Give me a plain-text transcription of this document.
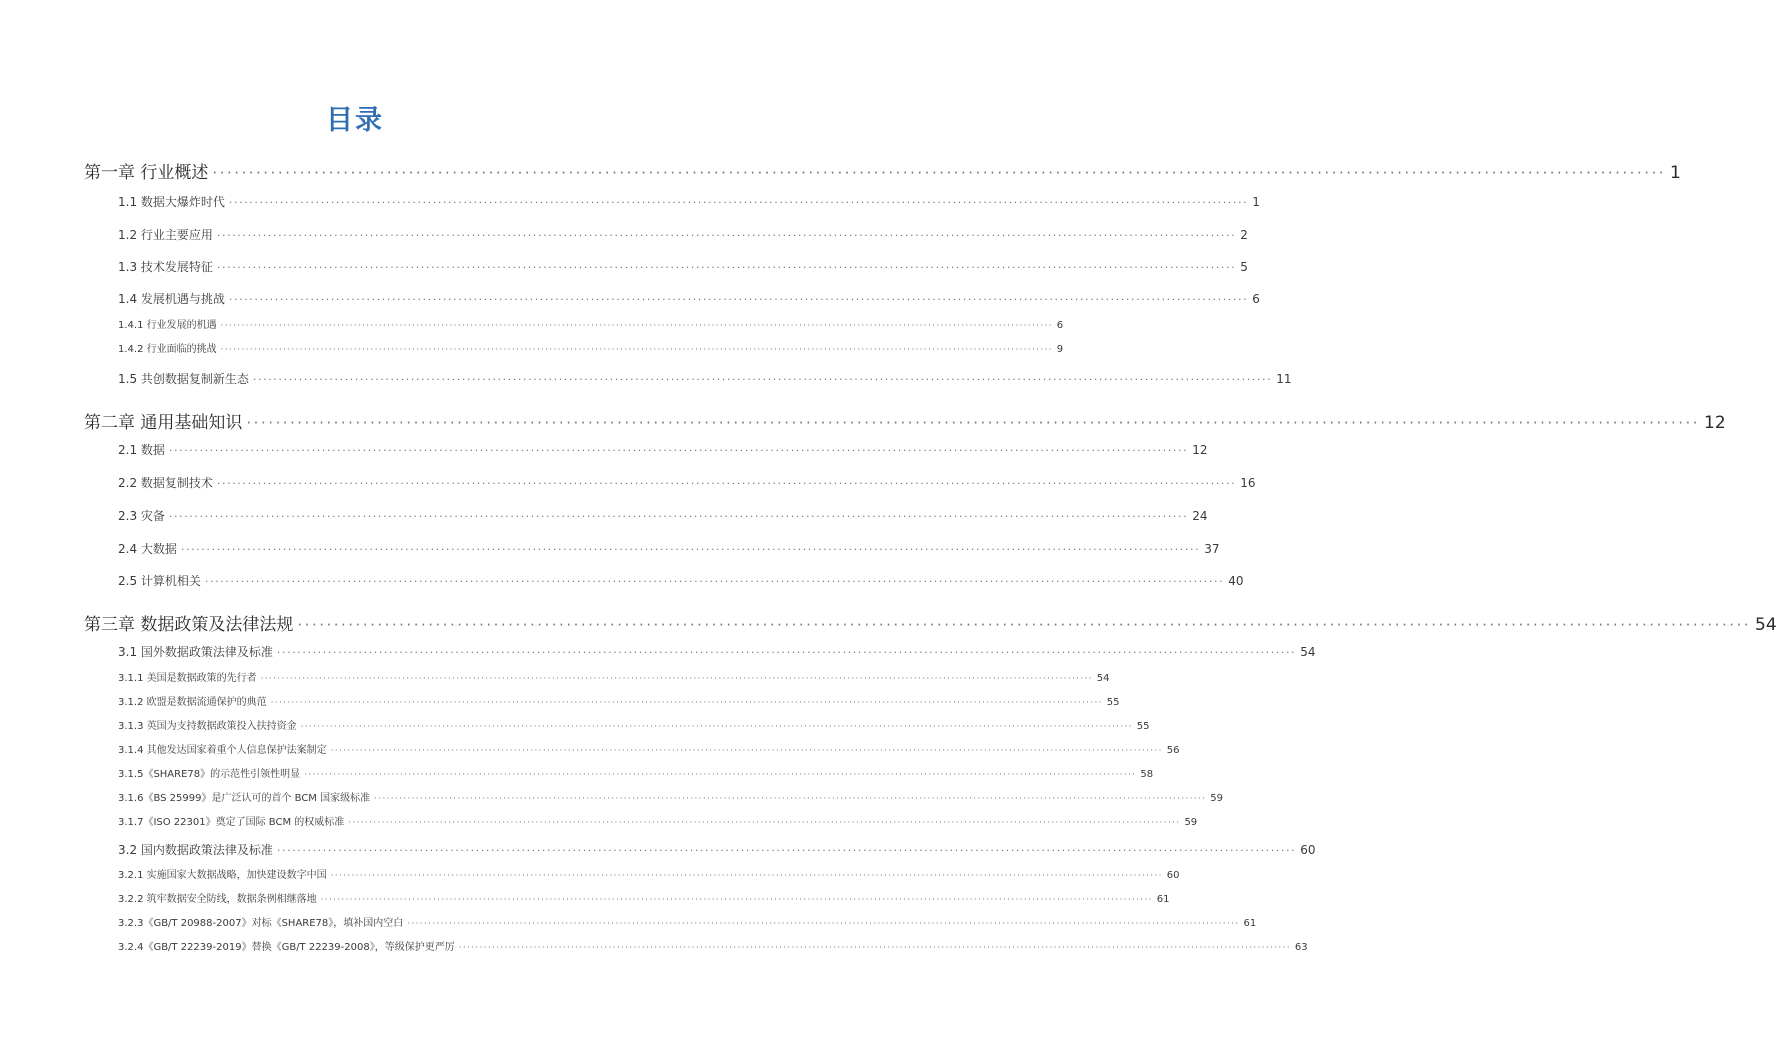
目录
第一章 行业概述 ········································································································································································································ 1
1.1 数据大爆炸时代 ········································································································································································································ 1
1.2 行业主要应用 ········································································································································································································ 2
1.3 技术发展特征 ········································································································································································································ 5
1.4 发展机遇与挑战 ········································································································································································································ 6
1.4.1 行业发展的机遇 ········································································································································································································ 6
1.4.2 行业面临的挑战 ········································································································································································································ 9
1.5 共创数据复制新生态 ········································································································································································································ 11
第二章 通用基础知识 ········································································································································································································ 12
2.1 数据 ········································································································································································································ 12
2.2 数据复制技术 ········································································································································································································ 16
2.3 灾备 ········································································································································································································ 24
2.4 大数据 ········································································································································································································ 37
2.5 计算机相关 ········································································································································································································ 40
第三章 数据政策及法律法规 ········································································································································································································ 54
3.1 国外数据政策法律及标准 ········································································································································································································ 54
3.1.1 美国是数据政策的先行者 ········································································································································································································ 54
3.1.2 欧盟是数据流通保护的典范 ········································································································································································································ 55
3.1.3 英国为支持数据政策投入扶持资金 ········································································································································································································ 55
3.1.4 其他发达国家着重个人信息保护法案制定 ········································································································································································································ 56
3.1.5《SHARE78》的示范性引领性明显 ········································································································································································································ 58
3.1.6《BS 25999》是广泛认可的首个 BCM 国家级标准 ········································································································································································································ 59
3.1.7《ISO 22301》奠定了国际 BCM 的权威标准 ········································································································································································································ 59
3.2 国内数据政策法律及标准 ········································································································································································································ 60
3.2.1 实施国家大数据战略，加快建设数字中国 ········································································································································································································ 60
3.2.2 筑牢数据安全防线，数据条例相继落地 ········································································································································································································ 61
3.2.3《GB/T 20988-2007》对标《SHARE78》，填补国内空白 ········································································································································································································ 61
3.2.4《GB/T 22239-2019》替换《GB/T 22239-2008》，等级保护更严厉 ········································································································································································································ 63
